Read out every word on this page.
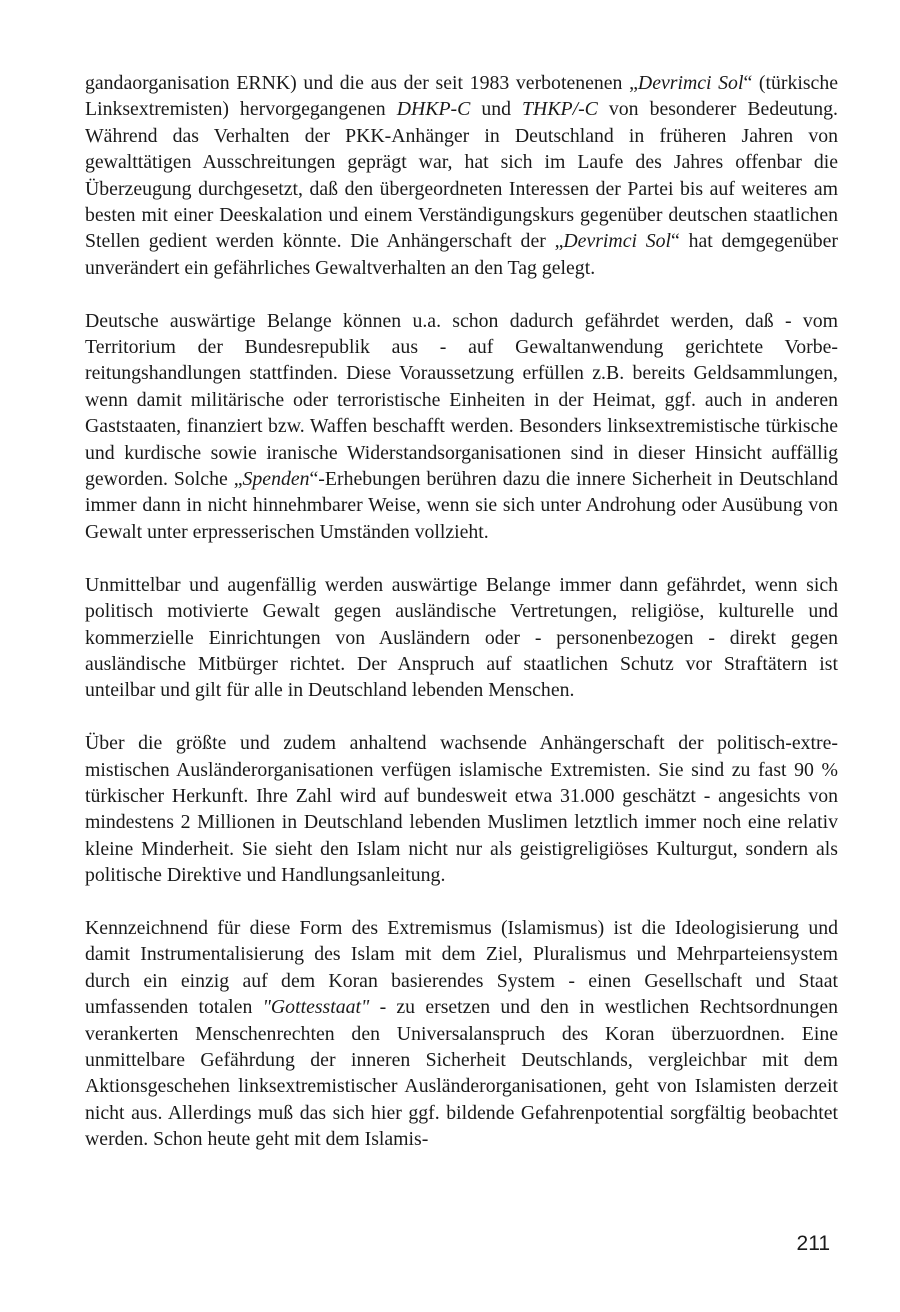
gandaorganisation ERNK) und die aus der seit 1983 verbotenenen „Devrimci Sol“ (türkische Linksextremisten) hervorgegangenen DHKP-C und THKP/-C von besonderer Bedeutung. Während das Verhalten der PKK-Anhänger in Deutschland in früheren Jahren von gewalttätigen Ausschreitungen geprägt war, hat sich im Laufe des Jahres offenbar die Überzeugung durchgesetzt, daß den übergeordneten Interessen der Partei bis auf weiteres am besten mit einer Deeskalation und einem Verständigungskurs gegenüber deutschen staatlichen Stellen gedient werden könnte. Die Anhängerschaft der „Devrimci Sol“ hat demgegenüber unverändert ein gefährliches Gewaltverhalten an den Tag gelegt.

Deutsche auswärtige Belange können u.a. schon dadurch gefährdet werden, daß - vom Territorium der Bundesrepublik aus - auf Gewaltanwendung gerichtete Vorbereitungshandlungen stattfinden. Diese Voraussetzung erfüllen z.B. bereits Geldsammlungen, wenn damit militärische oder terroristische Einheiten in der Heimat, ggf. auch in anderen Gaststaaten, finanziert bzw. Waffen beschafft werden. Besonders linksextremistische türkische und kurdische sowie iranische Widerstandsorganisationen sind in dieser Hinsicht auffällig geworden. Solche „Spenden“-Erhebungen berühren dazu die innere Sicherheit in Deutschland immer dann in nicht hinnehmbarer Weise, wenn sie sich unter Androhung oder Ausübung von Gewalt unter erpresserischen Umständen vollzieht.

Unmittelbar und augenfällig werden auswärtige Belange immer dann gefährdet, wenn sich politisch motivierte Gewalt gegen ausländische Vertretungen, religiöse, kulturelle und kommerzielle Einrichtungen von Ausländern oder - personenbezogen - direkt gegen ausländische Mitbürger richtet. Der Anspruch auf staatlichen Schutz vor Straftätern ist unteilbar und gilt für alle in Deutschland lebenden Menschen.

Über die größte und zudem anhaltend wachsende Anhängerschaft der politisch-extremistischen Ausländerorganisationen verfügen islamische Extremisten. Sie sind zu fast 90 % türkischer Herkunft. Ihre Zahl wird auf bundesweit etwa 31.000 geschätzt - angesichts von mindestens 2 Millionen in Deutschland lebenden Muslimen letztlich immer noch eine relativ kleine Minderheit. Sie sieht den Islam nicht nur als geistigreligiöses Kulturgut, sondern als politische Direktive und Handlungsanleitung.

Kennzeichnend für diese Form des Extremismus (Islamismus) ist die Ideologisierung und damit Instrumentalisierung des Islam mit dem Ziel, Pluralismus und Mehrparteiensystem durch ein einzig auf dem Koran basierendes System - einen Gesellschaft und Staat umfassenden totalen "Gottesstaat" - zu ersetzen und den in westlichen Rechtsordnungen verankerten Menschenrechten den Universalanspruch des Koran überzuordnen. Eine unmittelbare Gefährdung der inneren Sicherheit Deutschlands, vergleichbar mit dem Aktionsgeschehen linksextremistischer Ausländerorganisationen, geht von Islamisten derzeit nicht aus. Allerdings muß das sich hier ggf. bildende Gefahrenpotential sorgfältig beobachtet werden. Schon heute geht mit dem Islamis-

211
